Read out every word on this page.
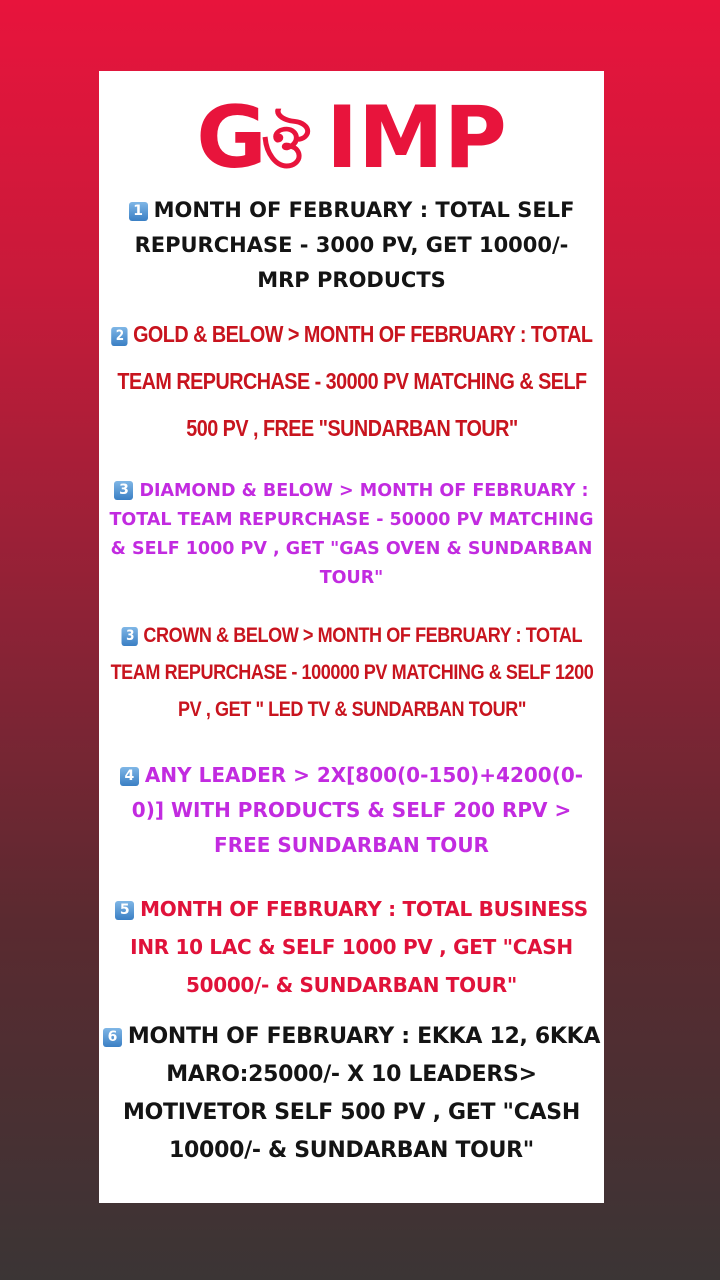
Gঔ IMP
1 MONTH OF FEBRUARY : TOTAL SELF REPURCHASE - 3000 PV, GET 10000/- MRP PRODUCTS
2 GOLD & BELOW > MONTH OF FEBRUARY : TOTAL TEAM REPURCHASE - 30000 PV MATCHING & SELF 500 PV , FREE "SUNDARBAN TOUR"
3 DIAMOND & BELOW > MONTH OF FEBRUARY : TOTAL TEAM REPURCHASE - 50000 PV MATCHING & SELF 1000 PV , GET "GAS OVEN & SUNDARBAN TOUR"
3 CROWN & BELOW > MONTH OF FEBRUARY : TOTAL TEAM REPURCHASE - 100000 PV MATCHING & SELF 1200 PV , GET " LED TV & SUNDARBAN TOUR"
4 ANY LEADER > 2X[800(0-150)+4200(0-0)] WITH PRODUCTS & SELF 200 RPV > FREE SUNDARBAN TOUR
5 MONTH OF FEBRUARY : TOTAL BUSINESS INR 10 LAC & SELF 1000 PV , GET "CASH 50000/- & SUNDARBAN TOUR"
6 MONTH OF FEBRUARY : EKKA 12, 6KKA MARO:25000/- X 10 LEADERS> MOTIVETOR SELF 500 PV , GET "CASH 10000/- & SUNDARBAN TOUR"
